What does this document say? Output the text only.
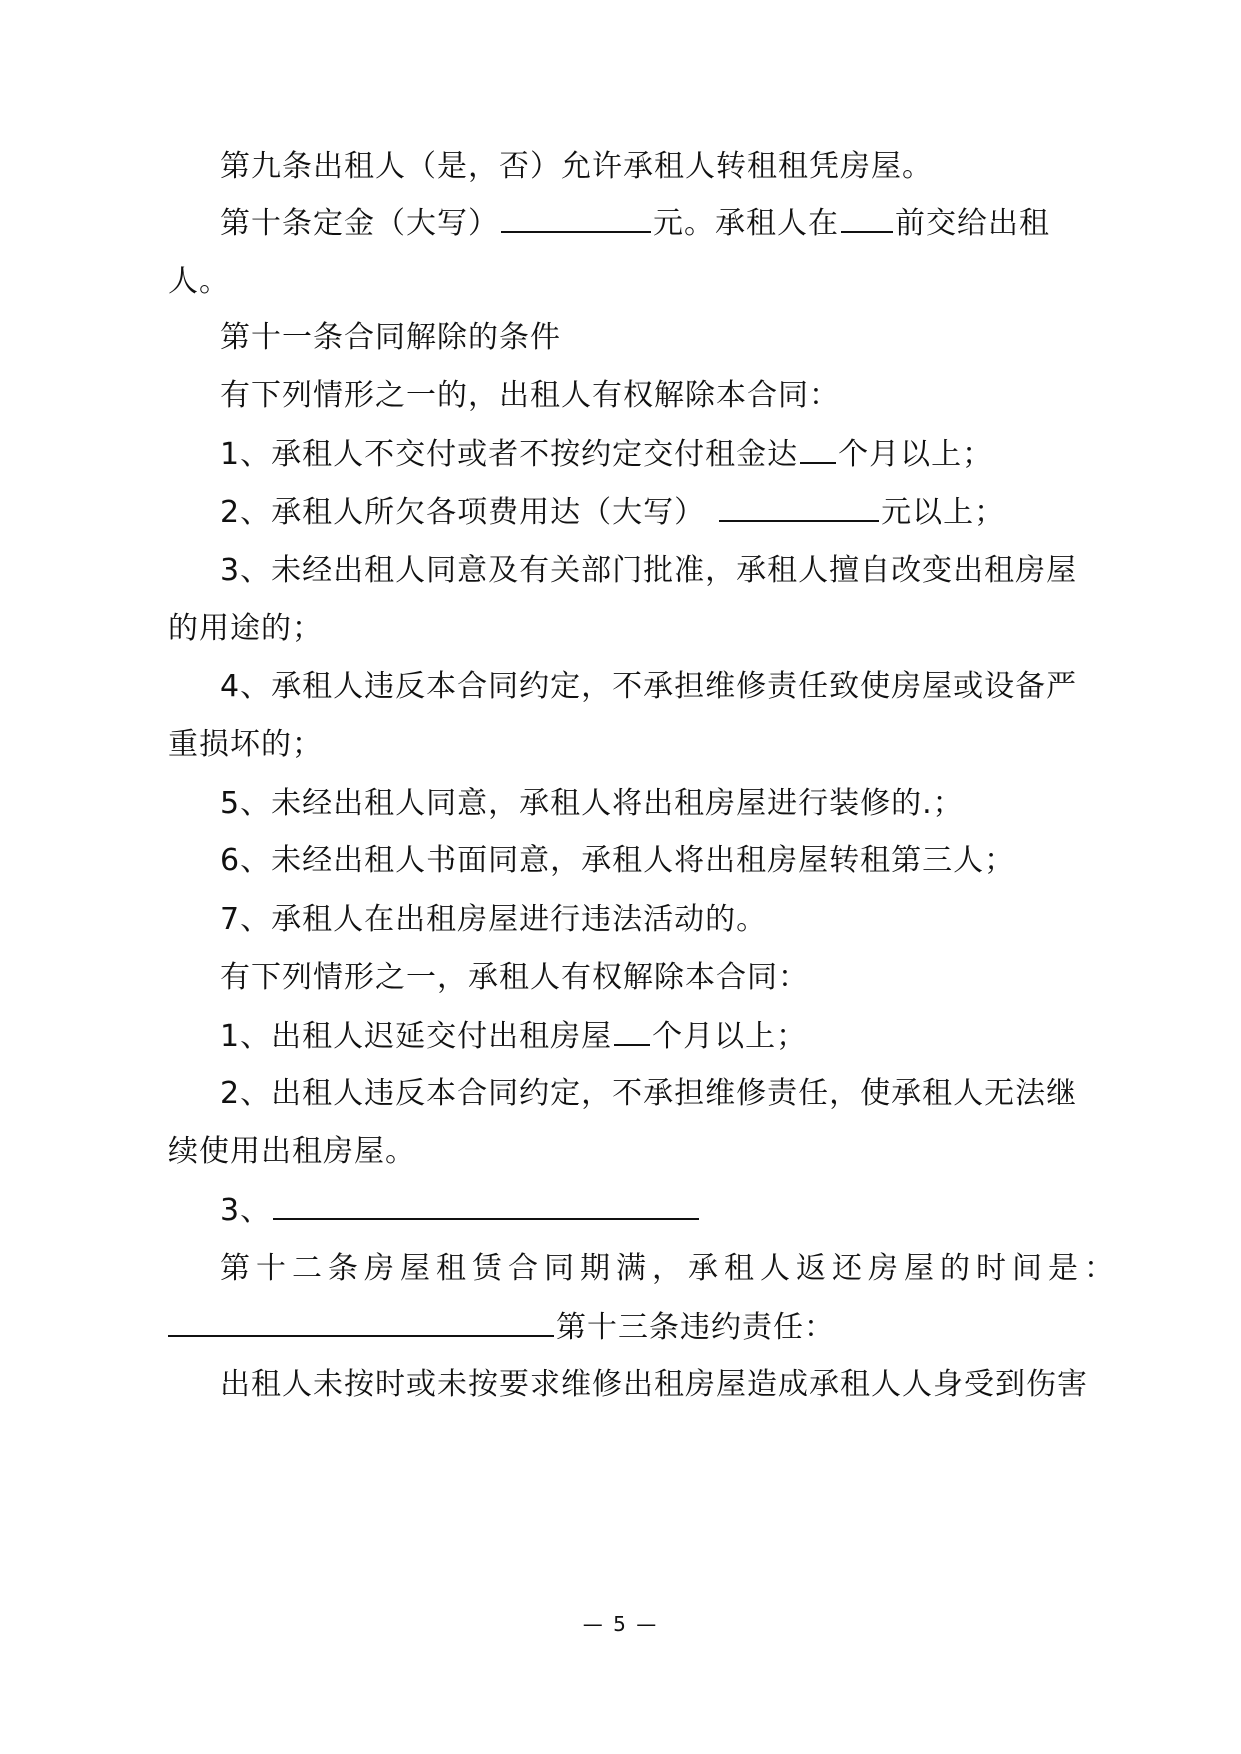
第九条出租人（是，否）允许承租人转租租凭房屋。
第十条定金（大写）	元。承租人在 前交给出租
人。
第十一条合同解除的条件
有下列情形之一的，出租人有权解除本合同：
1、承租人不交付或者不按约定交付租金达 个月以上；
2、承租人所欠各项费用达（大写）	元以上；
3、未经出租人同意及有关部门批准，承租人擅自改变出租房屋
的用途的；
4、承租人违反本合同约定，不承担维修责任致使房屋或设备严
重损坏的；
5、未经出租人同意，承租人将出租房屋进行装修的.；
6、未经出租人书面同意，承租人将出租房屋转租第三人；
7、承租人在出租房屋进行违法活动的。
有下列情形之一，承租人有权解除本合同：
1、出租人迟延交付出租房屋 个月以上；
2、出租人违反本合同约定，不承担维修责任，使承租人无法继
续使用出租房屋。
3、
第十二条房屋租赁合同期满，承租人返还房屋的时间是：
第十三条违约责任：
出租人未按时或未按要求维修出租房屋造成承租人人身受到伤害
— 5 —
